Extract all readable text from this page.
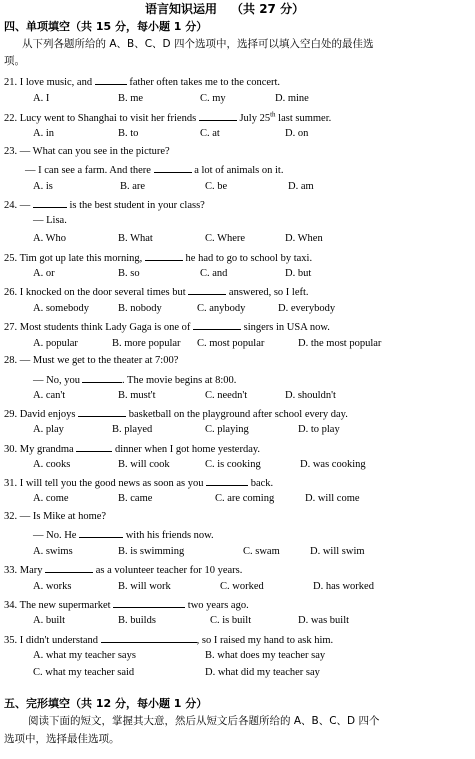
语言知识运用 （共 27 分）
四、单项填空（共 15 分，每小题 1 分）
从下列各题所给的 A、B、C、D 四个选项中，选择可以填入空白处的最佳选
项。
21. I love music, and	father often takes me to the concert.
A. I	B. me	C. my	D. mine
22. Lucy went to Shanghai to visit her friends	July 25th last summer.
A. in	B. to	C. at	D. on
23. — What can you see in the picture?
— I can see a farm. And there	a lot of animals on it.
A. is	B. are	C. be	D. am
24. —	is the best student in your class?
— Lisa.
A. Who	B. What	C. Where	D. When
25. Tim got up late this morning,	he had to go to school by taxi.
A. or	B. so	C. and	D. but
26. I knocked on the door several times but	answered, so I left.
A. somebody	B. nobody	C. anybody	D. everybody
27. Most students think Lady Gaga is one of	singers in USA now.
A. popular	B. more popular C. most popular	D. the most popular
28. — Must we get to the theater at 7:00?
— No, you	. The movie begins at 8:00.
A. can't	B. must't	C. needn't	D. shouldn't
29. David enjoys	basketball on the playground after school every day.
A. play	B. played	C. playing	D. to play
30. My grandma	dinner when I got home yesterday.
A. cooks	B. will cook	C. is cooking	D. was cooking
31. I will tell you the good news as soon as you	back.
A. come	B. came	C. are coming	D. will come
32. — Is Mike at home?
— No. He	with his friends now.
A. swims	B. is swimming	C. swam	D. will swim
33. Mary	as a volunteer teacher for 10 years.
A. works	B. will work	C. worked	D. has worked
34. The new supermarket	two years ago.
A. built	B. builds	C. is built	D. was built
35. I didn't understand	, so I raised my hand to ask him.
A. what my teacher says	B. what does my teacher say
C. what my teacher said	D. what did my teacher say
五、完形填空（共 12 分，每小题 1 分）
阅读下面的短文，掌握其大意，然后从短文后各题所给的 A、B、C、D 四个
选项中，选择最佳选项。
